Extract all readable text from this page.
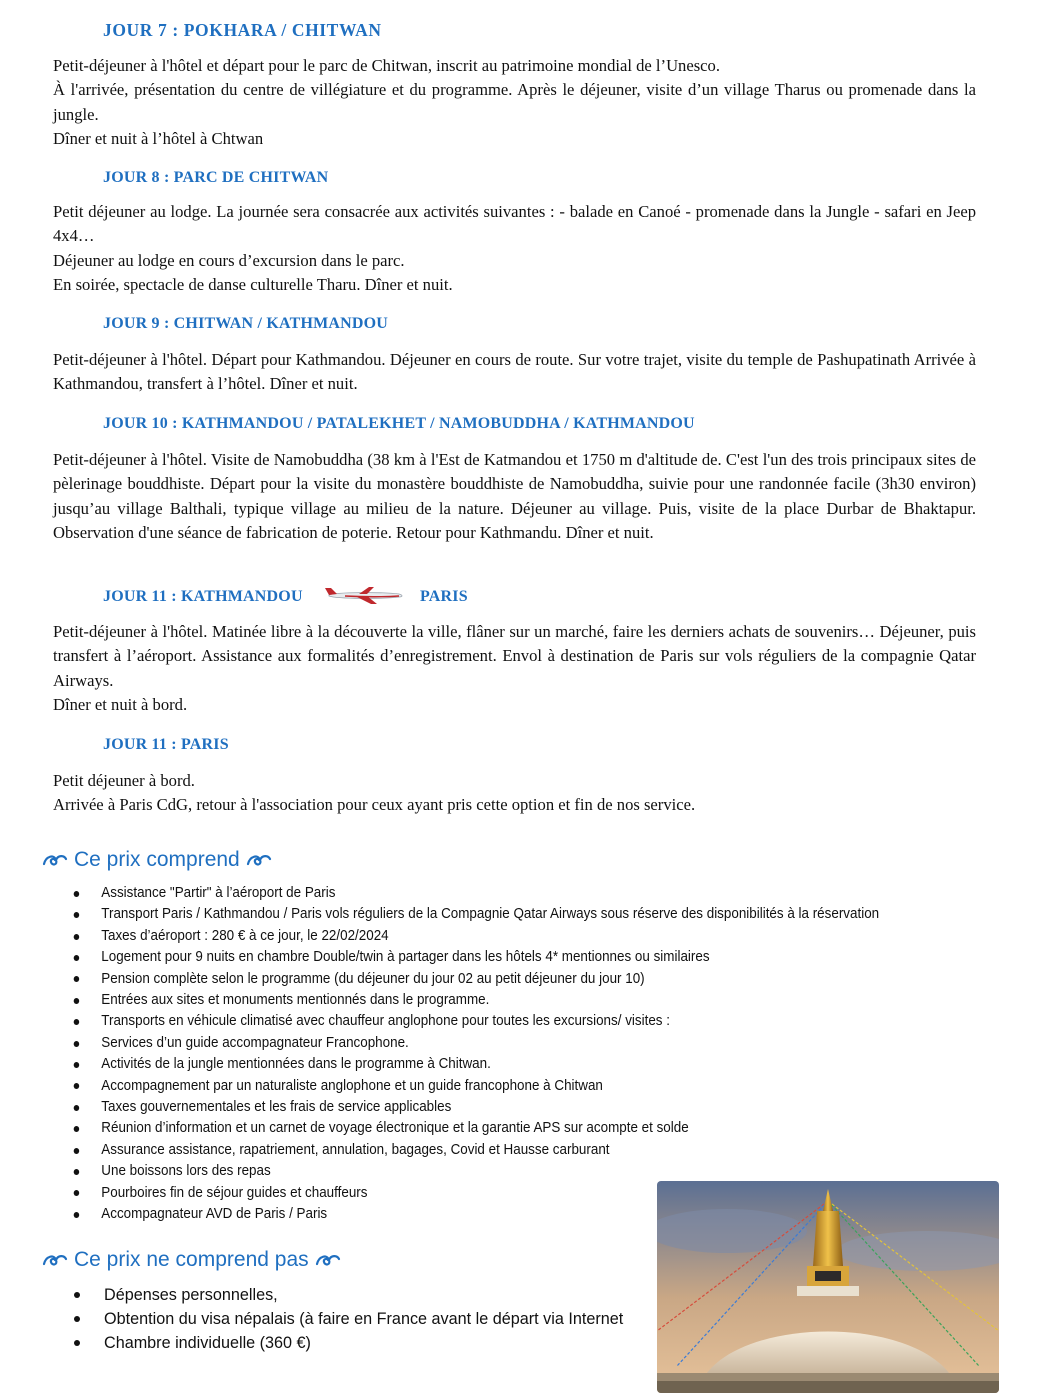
JOUR 7 : POKHARA / CHITWAN

Petit-déjeuner à l'hôtel et départ pour le parc de Chitwan, inscrit au patrimoine mondial de l’Unesco.

À l'arrivée, présentation du centre de villégiature et du programme. Après le déjeuner, visite d’un village Tharus ou promenade dans la jungle.

Dîner et nuit à l’hôtel à Chtwan

JOUR 8 : PARC DE CHITWAN

Petit déjeuner au lodge. La journée sera consacrée aux activités suivantes : - balade en Canoé - promenade dans la Jungle - safari en Jeep 4x4…

Déjeuner au lodge en cours d’excursion dans le parc.

En soirée, spectacle de danse culturelle Tharu. Dîner et nuit.

JOUR 9 : CHITWAN / KATHMANDOU

Petit-déjeuner à l'hôtel. Départ pour Kathmandou. Déjeuner en cours de route. Sur votre trajet, visite du temple de Pashupatinath Arrivée à Kathmandou, transfert à l’hôtel. Dîner et nuit.

JOUR 10 : KATHMANDOU / PATALEKHET / NAMOBUDDHA / KATHMANDOU

Petit-déjeuner à l'hôtel. Visite de Namobuddha (38 km à l'Est de Katmandou et 1750 m d'altitude de. C'est l'un des trois principaux sites de pèlerinage bouddhiste. Départ pour la visite du monastère bouddhiste de Namobuddha, suivie pour une randonnée facile (3h30 environ) jusqu’au village Balthali, typique village au milieu de la nature. Déjeuner au village. Puis, visite de la place Durbar de Bhaktapur. Observation d'une séance de fabrication de poterie. Retour pour Kathmandu. Dîner et nuit.

JOUR 11 : KATHMANDOU	PARIS

Petit-déjeuner à l'hôtel. Matinée libre à la découverte la ville, flâner sur un marché, faire les derniers achats de souvenirs… Déjeuner, puis transfert à l’aéroport. Assistance aux formalités d’enregistrement. Envol à destination de Paris sur vols réguliers de la compagnie Qatar Airways.

Dîner et nuit à bord.

JOUR 11 : PARIS

Petit déjeuner à bord.

Arrivée à Paris CdG, retour à l'association pour ceux ayant pris cette option et fin de nos service.

Ce prix comprend
Assistance "Partir" à l’aéroport de Paris
Transport Paris / Kathmandou / Paris vols réguliers de la Compagnie Qatar Airways sous réserve des disponibilités à la réservation
Taxes d’aéroport : 280 € à ce jour, le 22/02/2024
Logement pour 9 nuits en chambre Double/twin à partager dans les hôtels 4* mentionnes ou similaires
Pension complète selon le programme (du déjeuner du jour 02 au petit déjeuner du jour 10)
Entrées aux sites et monuments mentionnés dans le programme.
Transports en véhicule climatisé avec chauffeur anglophone pour toutes les excursions/ visites :
Services d’un guide accompagnateur Francophone.
Activités de la jungle mentionnées dans le programme à Chitwan.
Accompagnement par un naturaliste anglophone et un guide francophone à Chitwan
Taxes gouvernementales et les frais de service applicables
Réunion d’information et un carnet de voyage électronique et la garantie APS sur acompte et solde
Assurance assistance, rapatriement, annulation, bagages, Covid et Hausse carburant
Une boissons lors des repas
Pourboires fin de séjour guides et chauffeurs
Accompagnateur AVD de Paris / Paris
Ce prix ne comprend pas
Dépenses personnelles,
Obtention du visa népalais (à faire en France avant le départ via Internet
Chambre individuelle (360 €)
